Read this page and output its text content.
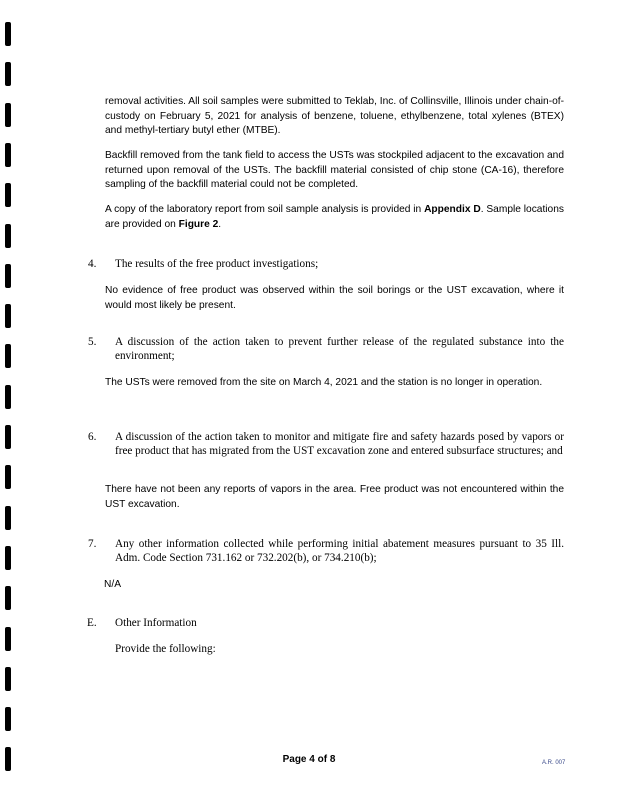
removal activities. All soil samples were submitted to Teklab, Inc. of Collinsville, Illinois under chain-of-custody on February 5, 2021 for analysis of benzene, toluene, ethylbenzene, total xylenes (BTEX) and methyl-tertiary butyl ether (MTBE).
Backfill removed from the tank field to access the USTs was stockpiled adjacent to the excavation and returned upon removal of the USTs. The backfill material consisted of chip stone (CA-16), therefore sampling of the backfill material could not be completed.
A copy of the laboratory report from soil sample analysis is provided in Appendix D. Sample locations are provided on Figure 2.
4. The results of the free product investigations;
No evidence of free product was observed within the soil borings or the UST excavation, where it would most likely be present.
5. A discussion of the action taken to prevent further release of the regulated substance into the environment;
The USTs were removed from the site on March 4, 2021 and the station is no longer in operation.
6. A discussion of the action taken to monitor and mitigate fire and safety hazards posed by vapors or free product that has migrated from the UST excavation zone and entered subsurface structures; and
There have not been any reports of vapors in the area. Free product was not encountered within the UST excavation.
7. Any other information collected while performing initial abatement measures pursuant to 35 Ill. Adm. Code Section 731.162 or 732.202(b), or 734.210(b);
N/A
E. Other Information
Provide the following:
Page 4 of 8	A.R. 007
